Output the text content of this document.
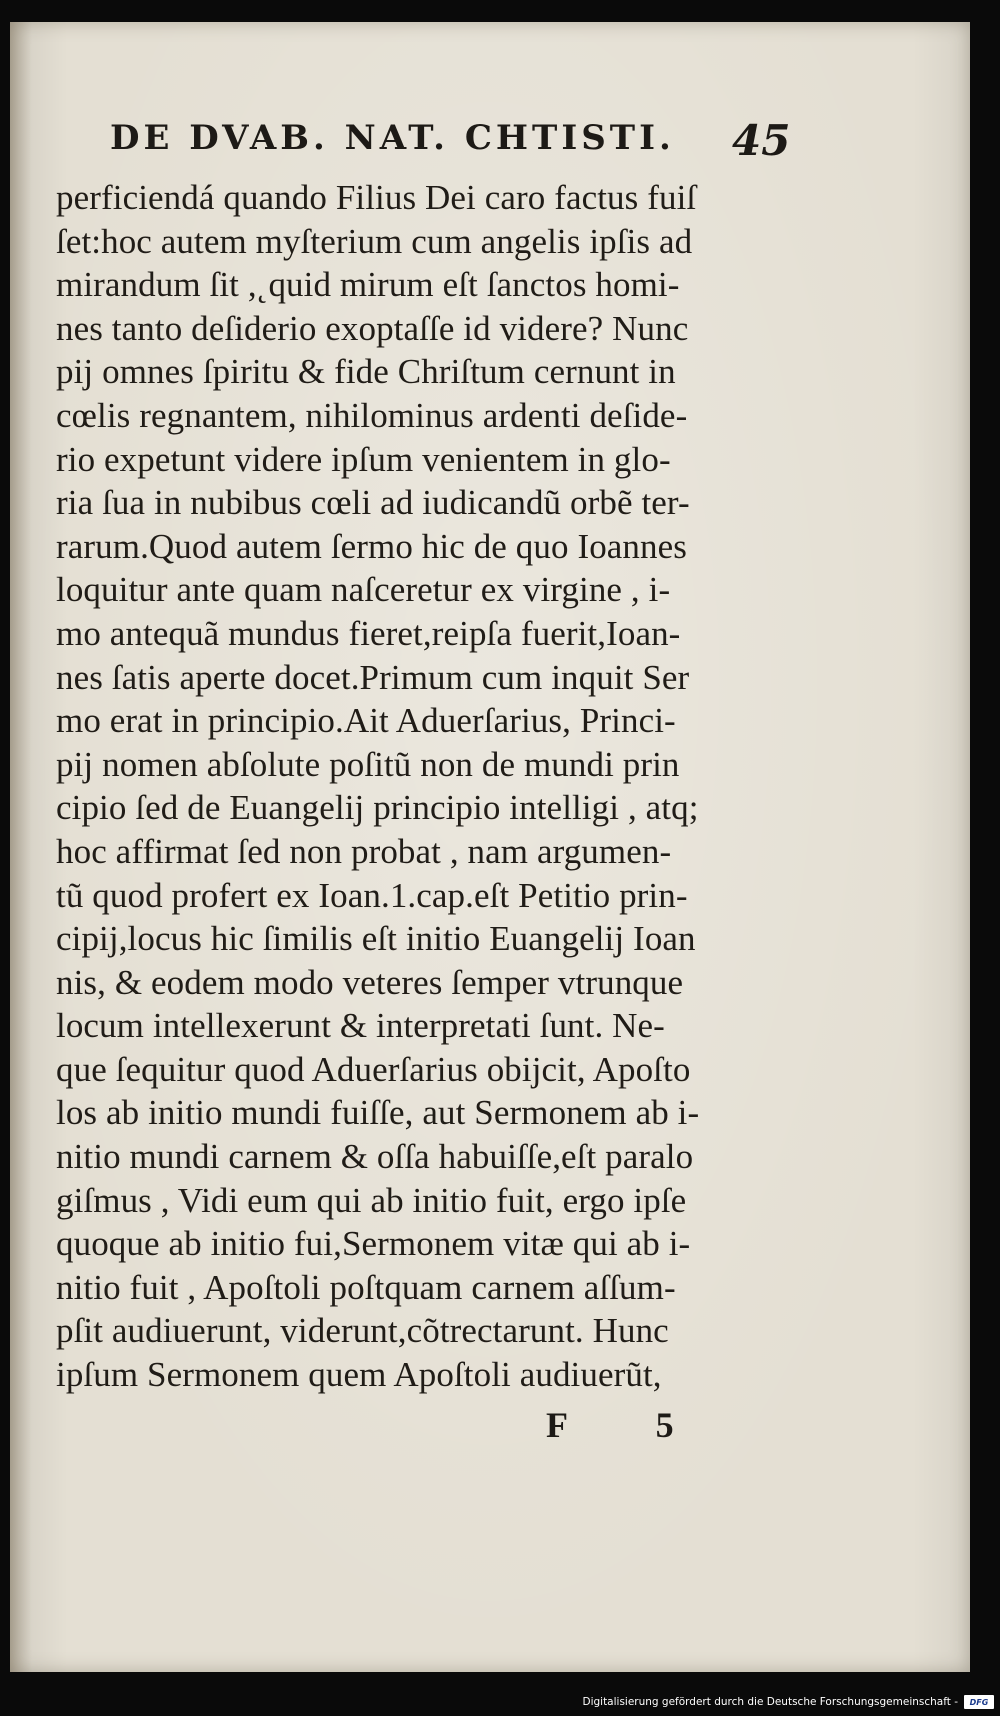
DE DVAB. NAT. CHTISTI. 45
perficiendá quando Filius Dei caro factus fuiſ
ſet:hoc autem myſterium cum angelis ipſis ad
mirandum ſit ,˛quid mirum eſt ſanctos homi-
nes tanto deſiderio exoptaſſe id videre? Nunc
pij omnes ſpiritu & fide Chriſtum cernunt in
cœlis regnantem, nihilominus ardenti deſide-
rio expetunt videre ipſum venientem in glo-
ria ſua in nubibus cœli ad iudicandũ orbẽ ter-
rarum.Quod autem ſermo hic de quo Ioannes
loquitur ante quam naſceretur ex virgine , i-
mo antequã mundus fieret,reipſa fuerit,Ioan-
nes ſatis aperte docet.Primum cum inquit Ser
mo erat in principio.Ait Aduerſarius, Princi-
pij nomen abſolute poſitũ non de mundi prin
cipio ſed de Euangelij principio intelligi , atq;
hoc affirmat ſed non probat , nam argumen-
tũ quod profert ex Ioan.1.cap.eſt Petitio prin-
cipij,locus hic ſimilis eſt initio Euangelij Ioan
nis, & eodem modo veteres ſemper vtrunque
locum intellexerunt & interpretati ſunt. Ne-
que ſequitur quod Aduerſarius obijcit, Apoſto
los ab initio mundi fuiſſe, aut Sermonem ab i-
nitio mundi carnem & oſſa habuiſſe,eſt paralo
giſmus , Vidi eum qui ab initio fuit, ergo ipſe
quoque ab initio fui,Sermonem vitæ qui ab i-
nitio fuit , Apoſtoli poſtquam carnem aſſum-
pſit audiuerunt, viderunt,cõtrectarunt. Hunc
ipſum Sermonem quem Apoſtoli audiuerũt,
F 5
Digitalisierung gefördert durch die Deutsche Forschungsgemeinschaft -	DFG
